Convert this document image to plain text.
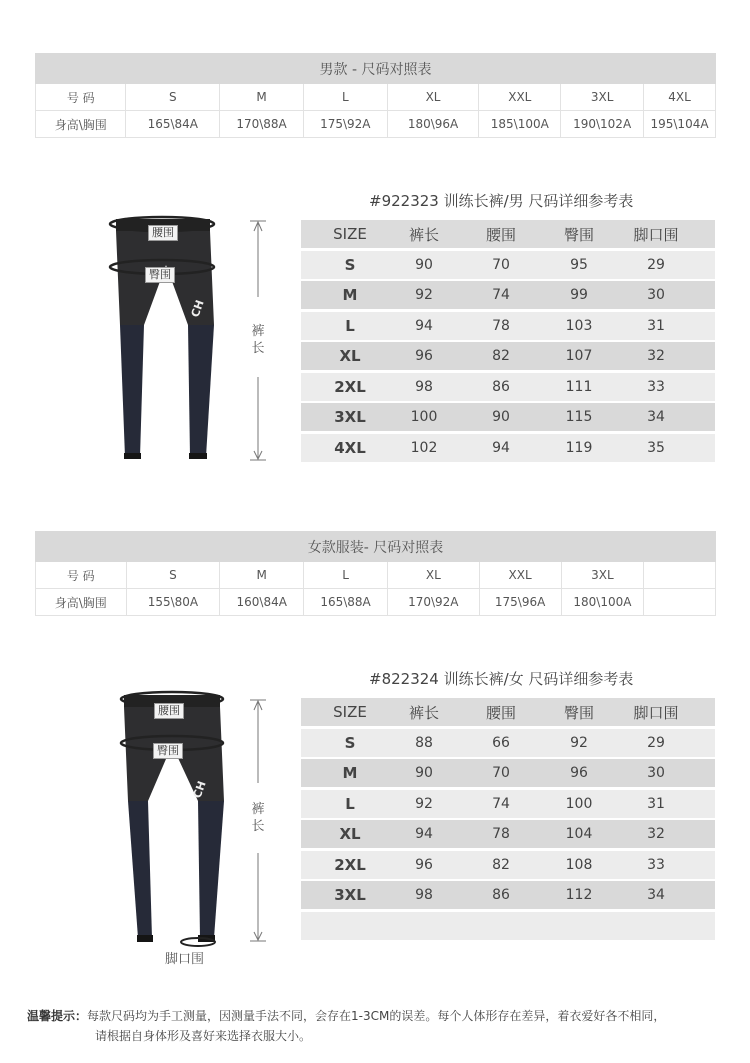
男款 - 尺码对照表							
号 码	S	M	L	XL	XXL	3XL	4XL
身高\胸围	165\84A	170\88A	175\92A	180\96A	185\100A	190\102A	195\104A
#922323 训练长裤/男 尺码详细参考表
SIZE	裤长	腰围	臀围	脚口围
S	90	70	95	29
M	92	74	99	30
L	94	78	103	31
XL	96	82	107	32
2XL	98	86	111	33
3XL	100	90	115	34
4XL	102	94	119	35
CH
腰围
臀围
裤长
女款服装- 尺码对照表							
号 码	S	M	L	XL	XXL	3XL	
身高\胸围	155\80A	160\84A	165\88A	170\92A	175\96A	180\100A	
#822324 训练长裤/女 尺码详细参考表
SIZE	裤长	腰围	臀围	脚口围
S	88	66	92	29
M	90	70	96	30
L	92	74	100	31
XL	94	78	104	32
2XL	96	82	108	33
3XL	98	86	112	34
CH
腰围
臀围
裤长
脚口围
温馨提示：每款尺码均为手工测量，因测量手法不同，会存在1-3CM的误差。每个人体形存在差异，着衣爱好各不相同，
请根据自身体形及喜好来选择衣服大小。
